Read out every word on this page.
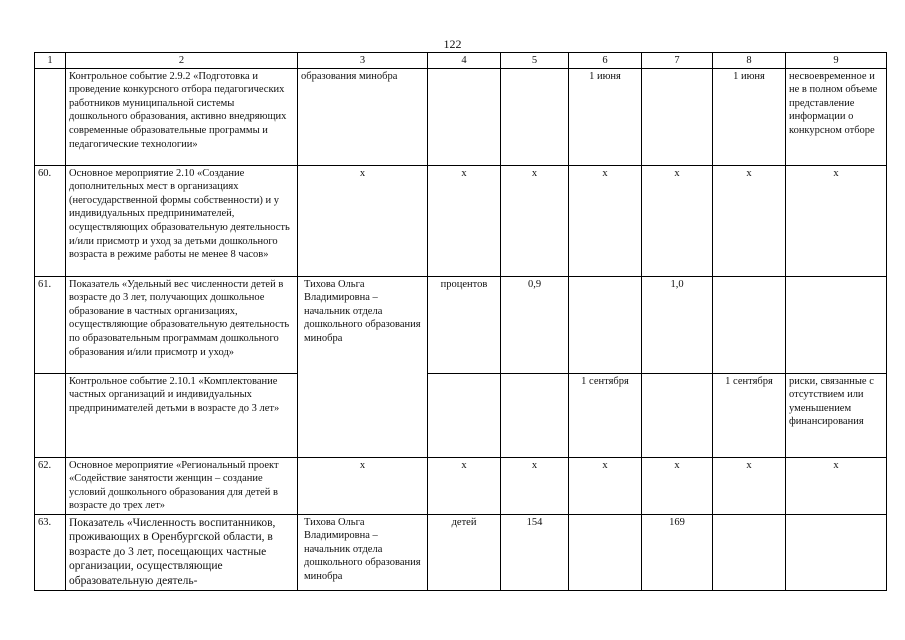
122
1	2	3	4	5	6	7	8	9
	Контрольное событие 2.9.2 «Подготовка и проведение конкурсного отбора педагогических работников муниципальной системы дошкольного образования, активно внедряющих современные образовательные программы и педагогические технологии»	образования минобра			1 июня		1 июня	несвоевременное и не в полном объеме представление информации о конкурсном отборе
60.	Основное мероприятие 2.10 «Создание дополнительных мест в организациях (негосударственной формы собственности) и у индивидуальных предпринимателей, осуществляющих образовательную деятельность и/или присмотр и уход за детьми дошкольного возраста в режиме работы не менее 8 часов»	х	х	х	х	х	х	х
61.	Показатель «Удельный вес численности детей в возрасте до 3 лет, получающих дошкольное образование в частных организациях, осуществляющие образовательную деятельность по образовательным программам дошкольного образования и/или присмотр и уход»	Тихова Ольга Владимировна – начальник отдела дошкольного образования минобра	процентов	0,9		1,0		
	Контрольное событие 2.10.1 «Комплектование частных организаций и индивидуальных предпринимателей детьми в возрасте до 3 лет»				1 сентября		1 сентября	риски, связанные с отсутствием или уменьшением финансирования
62.	Основное мероприятие «Региональный проект «Содействие занятости женщин – создание условий дошкольного образования для детей в возрасте до трех лет»	х	х	х	х	х	х	х
63.	Показатель «Численность воспитанников, проживающих в Оренбургской области, в возрасте до 3 лет, посещающих частные организации, осуществляющие образовательную деятель-	Тихова Ольга Владимировна – начальник отдела дошкольного образования минобра	детей	154		169		
